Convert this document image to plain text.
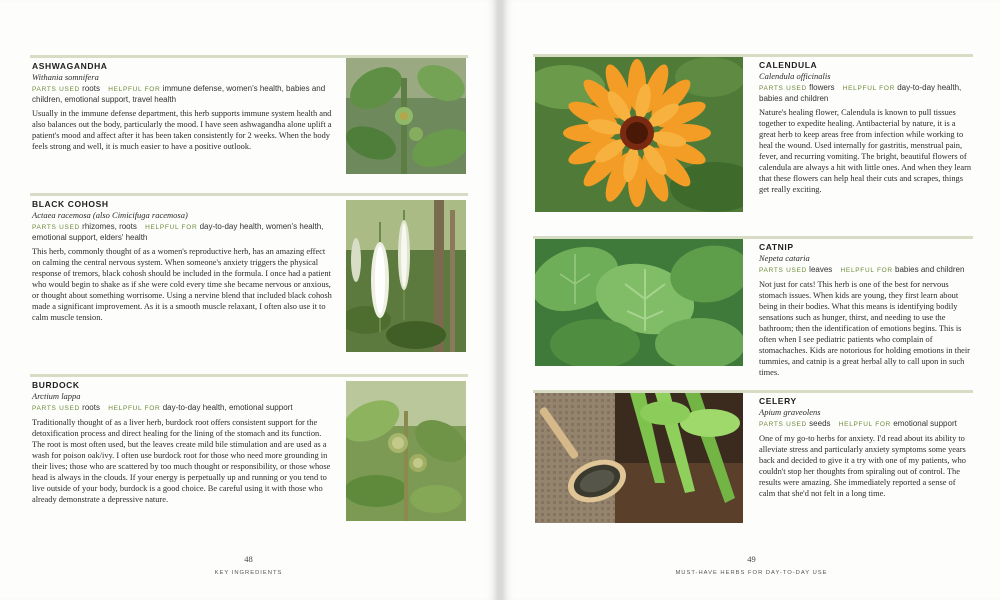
ASHWAGANDHA
Withania somnifera
PARTS USED roots HELPFUL FOR immune defense, women's health, babies and children, emotional support, travel health
Usually in the immune defense department, this herb supports immune system health and also balances out the body, particularly the mood. I have seen ashwagandha alone uplift a patient's mood and affect after it has been taken consistently for 2 weeks. When the body feels strong and well, it is much easier to have a positive outlook.
BLACK COHOSH
Actaea racemosa (also Cimicifuga racemosa)
PARTS USED rhizomes, roots HELPFUL FOR day-to-day health, women's health, emotional support, elders' health
This herb, commonly thought of as a women's reproductive herb, has an amazing effect on calming the central nervous system. When someone's anxiety triggers the physical response of tremors, black cohosh should be included in the formula. I once had a patient who would begin to shake as if she were cold every time she became nervous or anxious, or thought about something worrisome. Using a nervine blend that included black cohosh made a significant improvement. As it is a smooth muscle relaxant, I often also use it to calm muscle tension.
BURDOCK
Arctium lappa
PARTS USED roots HELPFUL FOR day-to-day health, emotional support
Traditionally thought of as a liver herb, burdock root offers consistent support for the detoxification process and direct healing for the lining of the stomach and its function. The root is most often used, but the leaves create mild bile stimulation and are used as a wash for poison oak/ivy. I often use burdock root for those who need more grounding in their lives; those who are scattered by too much thought or responsibility, or those whose head is always in the clouds. If your energy is perpetually up and running or you tend to live outside of your body, burdock is a good choice. Be careful using it with those who already demonstrate a depressive nature.
48
KEY INGREDIENTS
CALENDULA
Calendula officinalis
PARTS USED flowers HELPFUL FOR day-to-day health, babies and children
Nature's healing flower, Calendula is known to pull tissues together to expedite healing. Antibacterial by nature, it is a great herb to keep areas free from infection while working to heal the wound. Used internally for gastritis, menstrual pain, fever, and recurring vomiting. The bright, beautiful flowers of calendula are always a hit with little ones. And when they learn that these flowers can help heal their cuts and scrapes, things get really exciting.
CATNIP
Nepeta cataria
PARTS USED leaves HELPFUL FOR babies and children
Not just for cats! This herb is one of the best for nervous stomach issues. When kids are young, they first learn about being in their bodies. What this means is identifying bodily sensations such as hunger, thirst, and needing to use the bathroom; then the identification of emotions begins. This is often when I see pediatric patients who complain of stomachaches. Kids are notorious for holding emotions in their tummies, and catnip is a great herbal ally to call upon in such times.
CELERY
Apium graveolens
PARTS USED seeds HELPFUL FOR emotional support
One of my go-to herbs for anxiety. I'd read about its ability to alleviate stress and particularly anxiety symptoms some years back and decided to give it a try with one of my patients, who couldn't stop her thoughts from spiraling out of control. The results were amazing. She immediately reported a sense of calm that she'd not felt in a long time.
49
MUST-HAVE HERBS FOR DAY-TO-DAY USE
